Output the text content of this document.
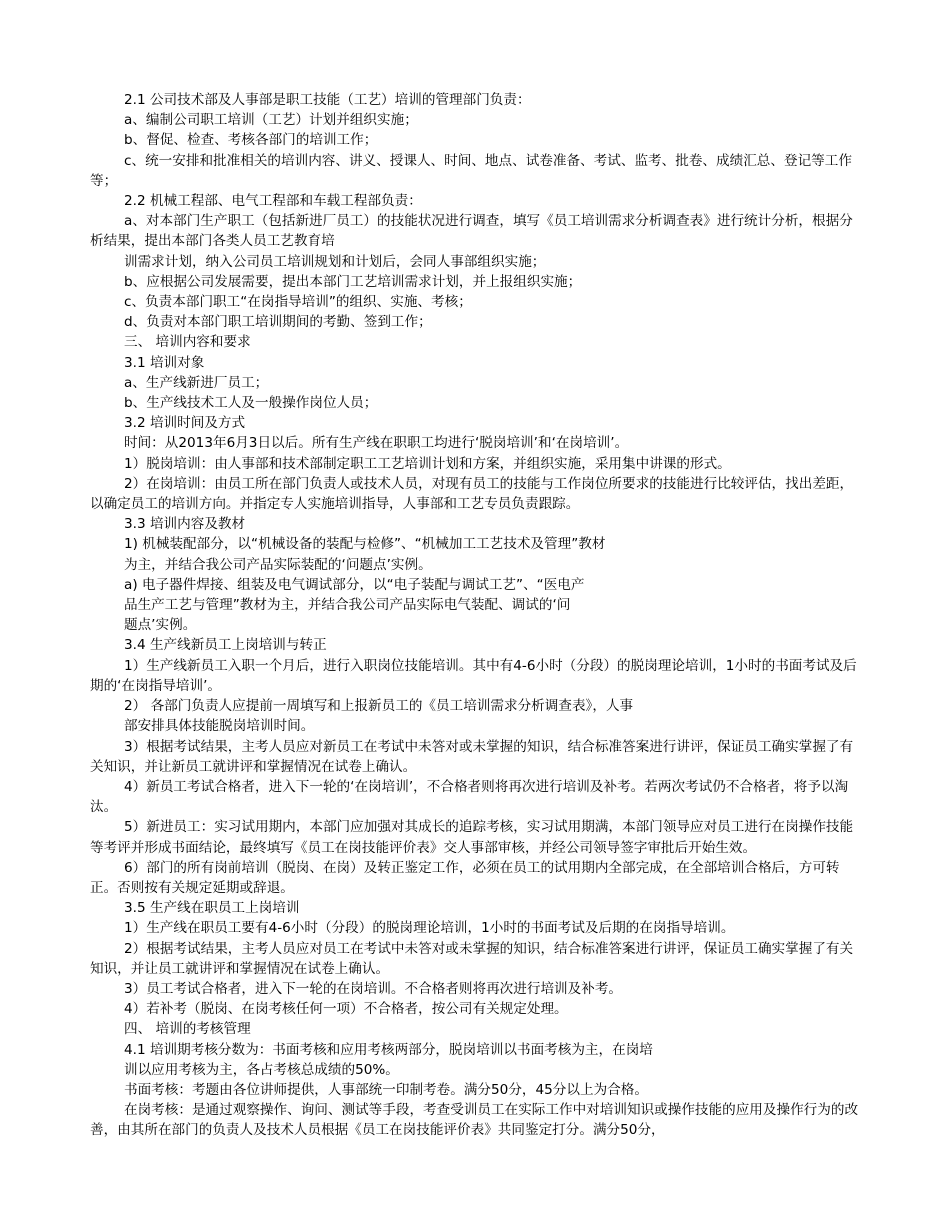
2.1 公司技术部及人事部是职工技能（工艺）培训的管理部门负责：

a、编制公司职工培训（工艺）计划并组织实施；

b、督促、检查、考核各部门的培训工作；

c、统一安排和批准相关的培训内容、讲义、授课人、时间、地点、试卷准备、考试、监考、批卷、成绩汇总、登记等工作等；

2.2 机械工程部、电气工程部和车载工程部负责：

a、对本部门生产职工（包括新进厂员工）的技能状况进行调查，填写《员工培训需求分析调查表》进行统计分析，根据分析结果，提出本部门各类人员工艺教育培

训需求计划，纳入公司员工培训规划和计划后，会同人事部组织实施；

b、应根据公司发展需要，提出本部门工艺培训需求计划，并上报组织实施；

c、负责本部门职工“在岗指导培训”的组织、实施、考核；

d、负责对本部门职工培训期间的考勤、签到工作；

三、 培训内容和要求

3.1 培训对象

a、生产线新进厂员工；

b、生产线技术工人及一般操作岗位人员；

3.2 培训时间及方式

时间：从2013年6月3日以后。所有生产线在职职工均进行‘脱岗培训’和‘在岗培训’。

1）脱岗培训：由人事部和技术部制定职工工艺培训计划和方案，并组织实施，采用集中讲课的形式。

2）在岗培训：由员工所在部门负责人或技术人员，对现有员工的技能与工作岗位所要求的技能进行比较评估，找出差距，以确定员工的培训方向。并指定专人实施培训指导，人事部和工艺专员负责跟踪。

3.3 培训内容及教材

1) 机械装配部分，以“机械设备的装配与检修”、“机械加工工艺技术及管理”教材

为主，并结合我公司产品实际装配的‘问题点’实例。

a) 电子器件焊接、组装及电气调试部分，以“电子装配与调试工艺”、“医电产

品生产工艺与管理”教材为主，并结合我公司产品实际电气装配、调试的‘问

题点’实例。

3.4 生产线新员工上岗培训与转正

1）生产线新员工入职一个月后，进行入职岗位技能培训。其中有4-6小时（分段）的脱岗理论培训，1小时的书面考试及后期的‘在岗指导培训’。

2） 各部门负责人应提前一周填写和上报新员工的《员工培训需求分析调查表》，人事

部安排具体技能脱岗培训时间。

3）根据考试结果，主考人员应对新员工在考试中未答对或未掌握的知识，结合标准答案进行讲评，保证员工确实掌握了有关知识，并让新员工就讲评和掌握情况在试卷上确认。

4）新员工考试合格者，进入下一轮的‘在岗培训’，不合格者则将再次进行培训及补考。若两次考试仍不合格者，将予以淘汰。

5）新进员工：实习试用期内，本部门应加强对其成长的追踪考核，实习试用期满，本部门领导应对员工进行在岗操作技能等考评并形成书面结论，最终填写《员工在岗技能评价表》交人事部审核，并经公司领导签字审批后开始生效。

6）部门的所有岗前培训（脱岗、在岗）及转正鉴定工作，必须在员工的试用期内全部完成，在全部培训合格后，方可转正。否则按有关规定延期或辞退。

3.5 生产线在职员工上岗培训

1）生产线在职员工要有4-6小时（分段）的脱岗理论培训，1小时的书面考试及后期的在岗指导培训。

2）根据考试结果，主考人员应对员工在考试中未答对或未掌握的知识，结合标准答案进行讲评，保证员工确实掌握了有关知识，并让员工就讲评和掌握情况在试卷上确认。

3）员工考试合格者，进入下一轮的在岗培训。不合格者则将再次进行培训及补考。

4）若补考（脱岗、在岗考核任何一项）不合格者，按公司有关规定处理。

四、 培训的考核管理

4.1 培训期考核分数为：书面考核和应用考核两部分，脱岗培训以书面考核为主，在岗培

训以应用考核为主，各占考核总成绩的50%。

书面考核：考题由各位讲师提供，人事部统一印制考卷。满分50分，45分以上为合格。

在岗考核：是通过观察操作、询问、测试等手段，考查受训员工在实际工作中对培训知识或操作技能的应用及操作行为的改善，由其所在部门的负责人及技术人员根据《员工在岗技能评价表》共同鉴定打分。满分50分，
